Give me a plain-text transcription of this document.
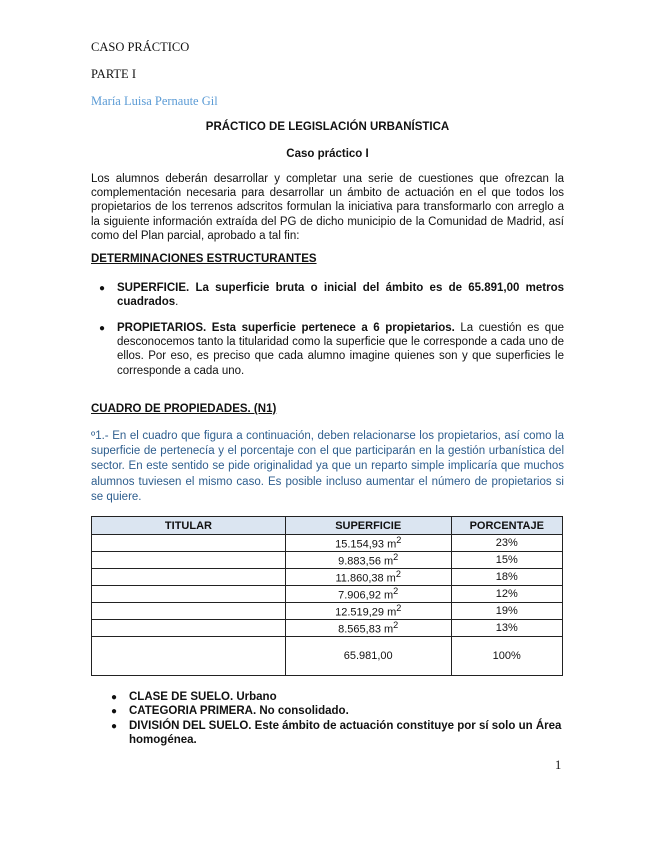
CASO PRÁCTICO
PARTE I
María Luisa Pernaute Gil
PRÁCTICO DE LEGISLACIÓN URBANÍSTICA
Caso práctico I
Los alumnos deberán desarrollar y completar una serie de cuestiones que ofrezcan la complementación necesaria para desarrollar un ámbito de actuación en el que todos los propietarios de los terrenos adscritos formulan la iniciativa para transformarlo con arreglo a la siguiente información extraída del PG de dicho municipio de la Comunidad de Madrid, así como del Plan parcial, aprobado a tal fin:
DETERMINACIONES ESTRUCTURANTES
● SUPERFICIE. La superficie bruta o inicial del ámbito es de 65.891,00 metros cuadrados.
● PROPIETARIOS. Esta superficie pertenece a 6 propietarios. La cuestión es que desconocemos tanto la titularidad como la superficie que le corresponde a cada uno de ellos. Por eso, es preciso que cada alumno imagine quienes son y que superficies le corresponde a cada uno.
CUADRO DE PROPIEDADES. (N1)
º1.- En el cuadro que figura a continuación, deben relacionarse los propietarios, así como la superficie de pertenecía y el porcentaje con el que participarán en la gestión urbanística del sector. En este sentido se pide originalidad ya que un reparto simple implicaría que muchos alumnos tuviesen el mismo caso. Es posible incluso aumentar el número de propietarios si se quiere.
TITULAR	SUPERFICIE	PORCENTAJE
	15.154,93 $m^2$	23%
	9.883,56 $m^2$	15%
	11.860,38 $m^2$	18%
	7.906,92 $m^2$	12%
	12.519,29 $m^2$	19%
	8.565,83 $m^2$	13%
	65.981,00	100%
● CLASE DE SUELO. Urbano
● CATEGORIA PRIMERA. No consolidado.
● DIVISIÓN DEL SUELO. Este ámbito de actuación constituye por sí solo un Área homogénea.
1
